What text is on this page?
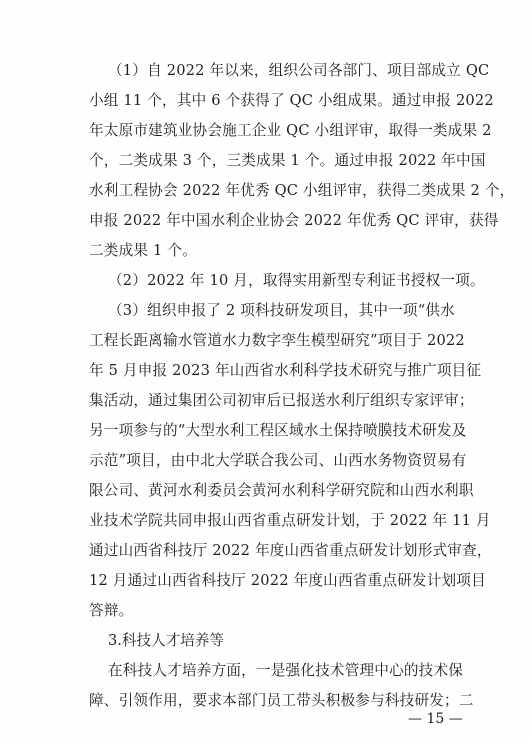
（1）自 2022 年以来，组织公司各部门、项目部成立 QC
小组 11 个，其中 6 个获得了 QC 小组成果。通过申报 2022
年太原市建筑业协会施工企业 QC 小组评审，取得一类成果 2
个，二类成果 3 个，三类成果 1 个。通过申报 2022 年中国
水利工程协会 2022 年优秀 QC 小组评审，获得二类成果 2 个，
申报 2022 年中国水利企业协会 2022 年优秀 QC 评审，获得
二类成果 1 个。
（2）2022 年 10 月，取得实用新型专利证书授权一项。
（3）组织申报了 2 项科技研发项目，其中一项“供水
工程长距离输水管道水力数字孪生模型研究”项目于 2022
年 5 月申报 2023 年山西省水利科学技术研究与推广项目征
集活动，通过集团公司初审后已报送水利厅组织专家评审；
另一项参与的“大型水利工程区域水土保持喷膜技术研发及
示范”项目，由中北大学联合我公司、山西水务物资贸易有
限公司、黄河水利委员会黄河水利科学研究院和山西水利职
业技术学院共同申报山西省重点研发计划，于 2022 年 11 月
通过山西省科技厅 2022 年度山西省重点研发计划形式审查，
12 月通过山西省科技厅 2022 年度山西省重点研发计划项目
答辩。
3.科技人才培养等
在科技人才培养方面，一是强化技术管理中心的技术保
障、引领作用，要求本部门员工带头积极参与科技研发；二
— 15 —
